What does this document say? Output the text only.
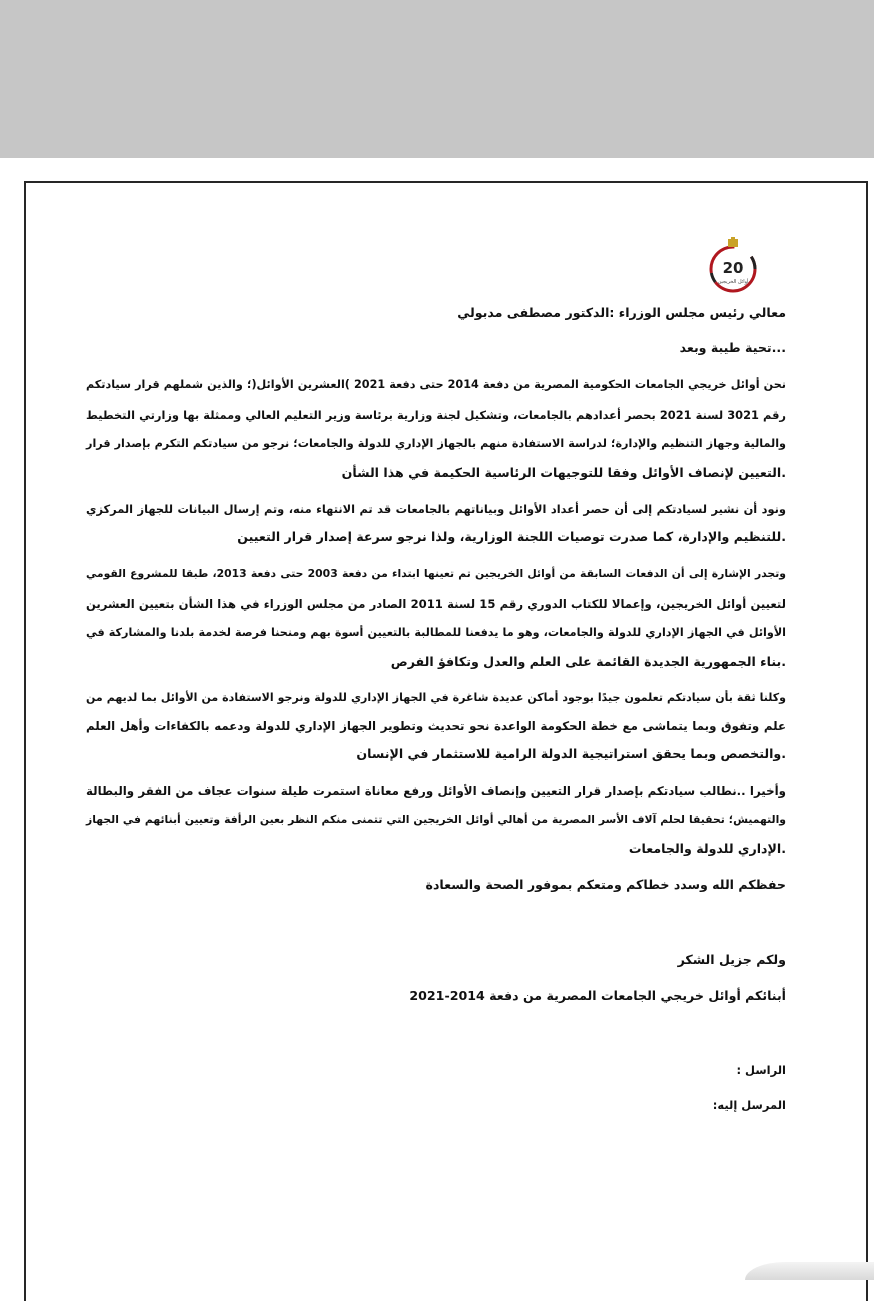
20
أوائل الخريجين
معالي رئيس مجلس الوزراء :الدكتور مصطفى مدبولي
...تحية طيبة وبعد
نحن أوائل خريجي الجامعات الحكومية المصرية من دفعة 2014 حتى دفعة 2021 )العشرين الأوائل(؛ والذين شملهم قرار سيادتكم
رقم 3021 لسنة 2021 بحصر أعدادهم بالجامعات، وتشكيل لجنة وزارية برئاسة وزير التعليم العالي وممثلة بها وزارتي التخطيط
والمالية وجهاز التنظيم والإدارة؛ لدراسة الاستفادة منهم بالجهاز الإداري للدولة والجامعات؛ نرجو من سيادتكم التكرم بإصدار قرار
.التعيين لإنصاف الأوائل وفقا للتوجيهات الرئاسية الحكيمة في هذا الشأن
ونود أن نشير لسيادتكم إلى أن حصر أعداد الأوائل وبياناتهم بالجامعات قد تم الانتهاء منه، وتم إرسال البيانات للجهاز المركزي
.للتنظيم والإدارة، كما صدرت توصيات اللجنة الوزارية، ولذا نرجو سرعة إصدار قرار التعيين
وتجدر الإشارة إلى أن الدفعات السابقة من أوائل الخريجين تم تعينها ابتداء من دفعة 2003 حتى دفعة 2013، طبقا للمشروع القومي
لتعيين أوائل الخريجين، وإعمالا للكتاب الدوري رقم 15 لسنة 2011 الصادر من مجلس الوزراء في هذا الشأن بتعيين العشرين
الأوائل في الجهاز الإداري للدولة والجامعات، وهو ما يدفعنا للمطالبة بالتعيين أسوة بهم ومنحنا فرصة لخدمة بلدنا والمشاركة في
.بناء الجمهورية الجديدة القائمة على العلم والعدل وتكافؤ الفرص
وكلنا ثقة بأن سيادتكم تعلمون جيدًا بوجود أماكن عديدة شاغرة في الجهاز الإداري للدولة ونرجو الاستفادة من الأوائل بما لديهم من
علم وتفوق وبما يتماشى مع خطة الحكومة الواعدة نحو تحديث وتطوير الجهاز الإداري للدولة ودعمه بالكفاءات وأهل العلم
.والتخصص وبما يحقق استراتيجية الدولة الرامية للاستثمار في الإنسان
وأخيرا ..نطالب سيادتكم بإصدار قرار التعيين وإنصاف الأوائل ورفع معاناة استمرت طيلة سنوات عجاف من الفقر والبطالة
والتهميش؛ تحقيقا لحلم آلاف الأسر المصرية من أهالي أوائل الخريجين التي تتمنى منكم النظر بعين الرأفة وتعيين أبنائهم في الجهاز
.الإداري للدولة والجامعات
حفظكم الله وسدد خطاكم ومتعكم بموفور الصحة والسعادة
ولكم جزيل الشكر
أبنائكم أوائل خريجي الجامعات المصرية من دفعة 2014-2021
الراسل :
المرسل إليه:
